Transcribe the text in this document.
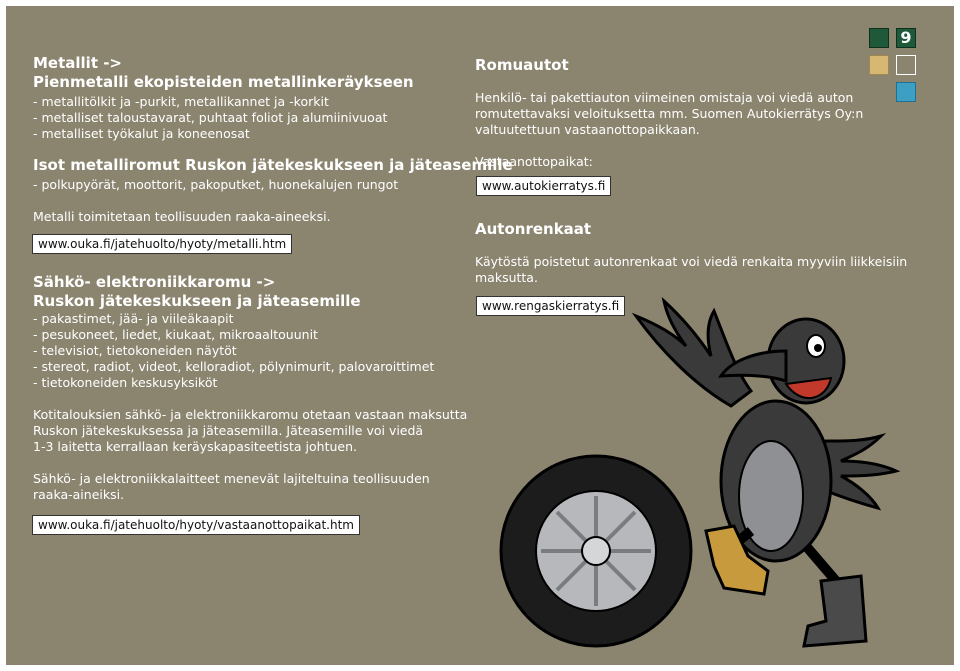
Metallit ->
Pienmetalli ekopisteiden metallinkeräykseen
- metallitölkit ja -purkit, metallikannet ja -korkit
- metalliset taloustavarat, puhtaat foliot ja alumiinivuoat
- metalliset työkalut ja koneenosat
Isot metalliromut Ruskon jätekeskukseen ja jäteasemille
- polkupyörät, moottorit, pakoputket, huonekalujen rungot
Metalli toimitetaan teollisuuden raaka-aineeksi.
www.ouka.fi/jatehuolto/hyoty/metalli.htm
Sähkö- elektroniikkaromu ->
Ruskon jätekeskukseen ja jäteasemille
- pakastimet, jää- ja viileäkaapit
- pesukoneet, liedet, kiukaat, mikroaaltouunit
- televisiot, tietokoneiden näytöt
- stereot, radiot, videot, kelloradiot, pölynimurit, palovaroittimet
- tietokoneiden keskusyksiköt
Kotitalouksien sähkö- ja elektroniikkaromu otetaan vastaan maksutta
Ruskon jätekeskuksessa ja jäteasemilla. Jäteasemille voi viedä
1-3 laitetta kerrallaan keräyskapasiteetista johtuen.
Sähkö- ja elektroniikkalaitteet menevät lajiteltuina teollisuuden
raaka-aineiksi.
www.ouka.fi/jatehuolto/hyoty/vastaanottopaikat.htm
Romuautot
Henkilö- tai pakettiauton viimeinen omistaja voi viedä auton
romutettavaksi veloituksetta mm. Suomen Autokierrätys Oy:n
valtuutettuun vastaanottopaikkaan.
Vastaanottopaikat:
www.autokierratys.fi
Autonrenkaat
Käytöstä poistetut autonrenkaat voi viedä renkaita myyviin liikkeisiin
maksutta.
www.rengaskierratys.fi
9
